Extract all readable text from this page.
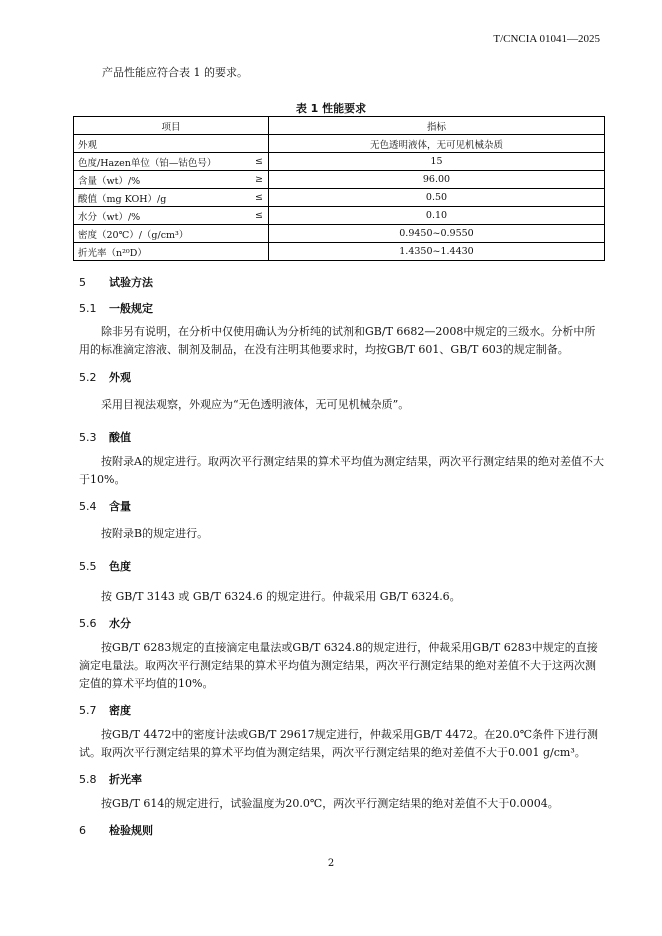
T/CNCIA 01041—2025
产品性能应符合表 1 的要求。
表 1 性能要求
项目		指标
外观		无色透明液体，无可见机械杂质
色度/Hazen单位（铂—钴色号）	≤	15
含量（wt）/%	≥	96.00
酸值（mg KOH）/g	≤	0.50
水分（wt）/%	≤	0.10
密度（20℃）/（g/cm³）		0.9450~0.9550
折光率（n²⁰D）		1.4350~1.4430
5 试验方法
5.1 一般规定
除非另有说明，在分析中仅使用确认为分析纯的试剂和GB/T 6682—2008中规定的三级水。分析中所用的标准滴定溶液、制剂及制品，在没有注明其他要求时，均按GB/T 601、GB/T 603的规定制备。
5.2 外观
采用目视法观察，外观应为“无色透明液体，无可见机械杂质”。
5.3 酸值
按附录A的规定进行。取两次平行测定结果的算术平均值为测定结果，两次平行测定结果的绝对差值不大于10%。
5.4 含量
按附录B的规定进行。
5.5 色度
按 GB/T 3143 或 GB/T 6324.6 的规定进行。仲裁采用 GB/T 6324.6。
5.6 水分
按GB/T 6283规定的直接滴定电量法或GB/T 6324.8的规定进行，仲裁采用GB/T 6283中规定的直接滴定电量法。取两次平行测定结果的算术平均值为测定结果，两次平行测定结果的绝对差值不大于这两次测定值的算术平均值的10%。
5.7 密度
按GB/T 4472中的密度计法或GB/T 29617规定进行，仲裁采用GB/T 4472。在20.0℃条件下进行测试。取两次平行测定结果的算术平均值为测定结果，两次平行测定结果的绝对差值不大于0.001 g/cm³。
5.8 折光率
按GB/T 614的规定进行，试验温度为20.0℃，两次平行测定结果的绝对差值不大于0.0004。
6 检验规则
2
